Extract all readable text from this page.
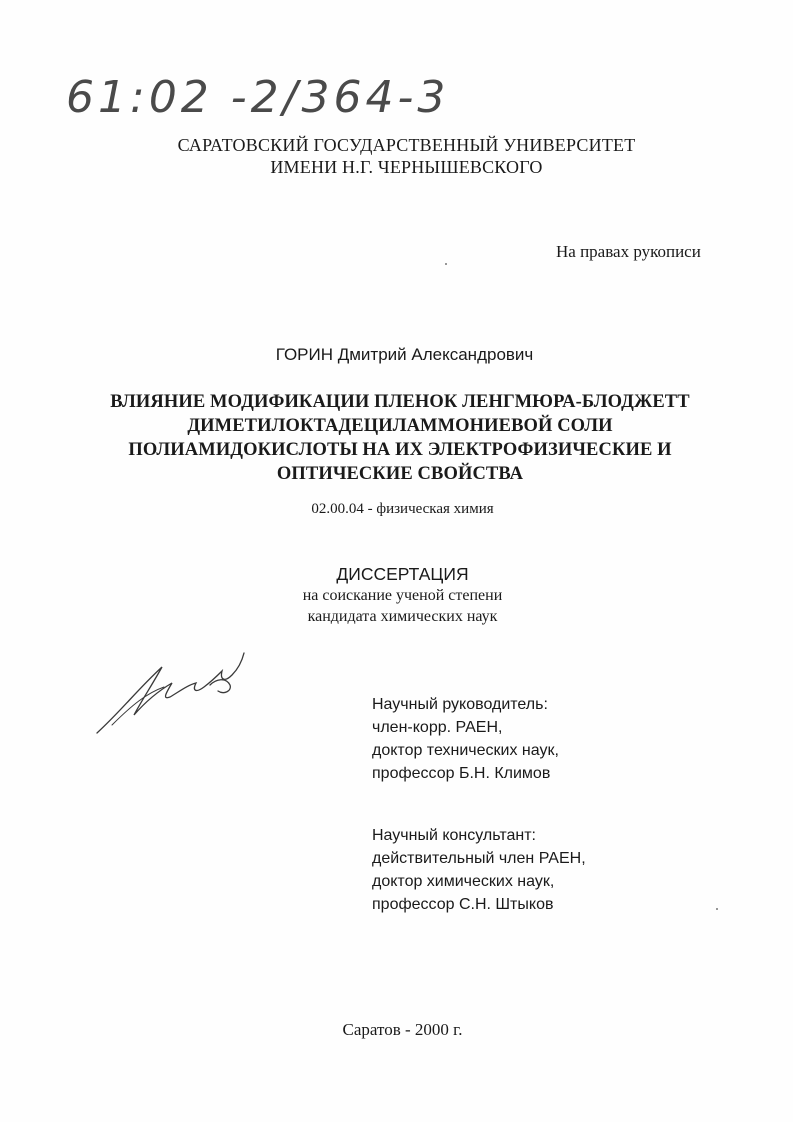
61:02 -2/364-3
САРАТОВСКИЙ ГОСУДАРСТВЕННЫЙ УНИВЕРСИТЕТ
ИМЕНИ Н.Г. ЧЕРНЫШЕВСКОГО
На правах рукописи
ГОРИН Дмитрий Александрович
ВЛИЯНИЕ МОДИФИКАЦИИ ПЛЕНОК ЛЕНГМЮРА-БЛОДЖЕТТ
ДИМЕТИЛОКТАДЕЦИЛАММОНИЕВОЙ СОЛИ
ПОЛИАМИДОКИСЛОТЫ НА ИХ ЭЛЕКТРОФИЗИЧЕСКИЕ И
ОПТИЧЕСКИЕ СВОЙСТВА
02.00.04 - физическая химия
ДИССЕРТАЦИЯ
на соискание ученой степени
кандидата химических наук
Научный руководитель:
член-корр. РАЕН,
доктор технических наук,
профессор Б.Н. Климов
Научный консультант:
действительный член РАЕН,
доктор химических наук,
профессор С.Н. Штыков
Саратов - 2000 г.
